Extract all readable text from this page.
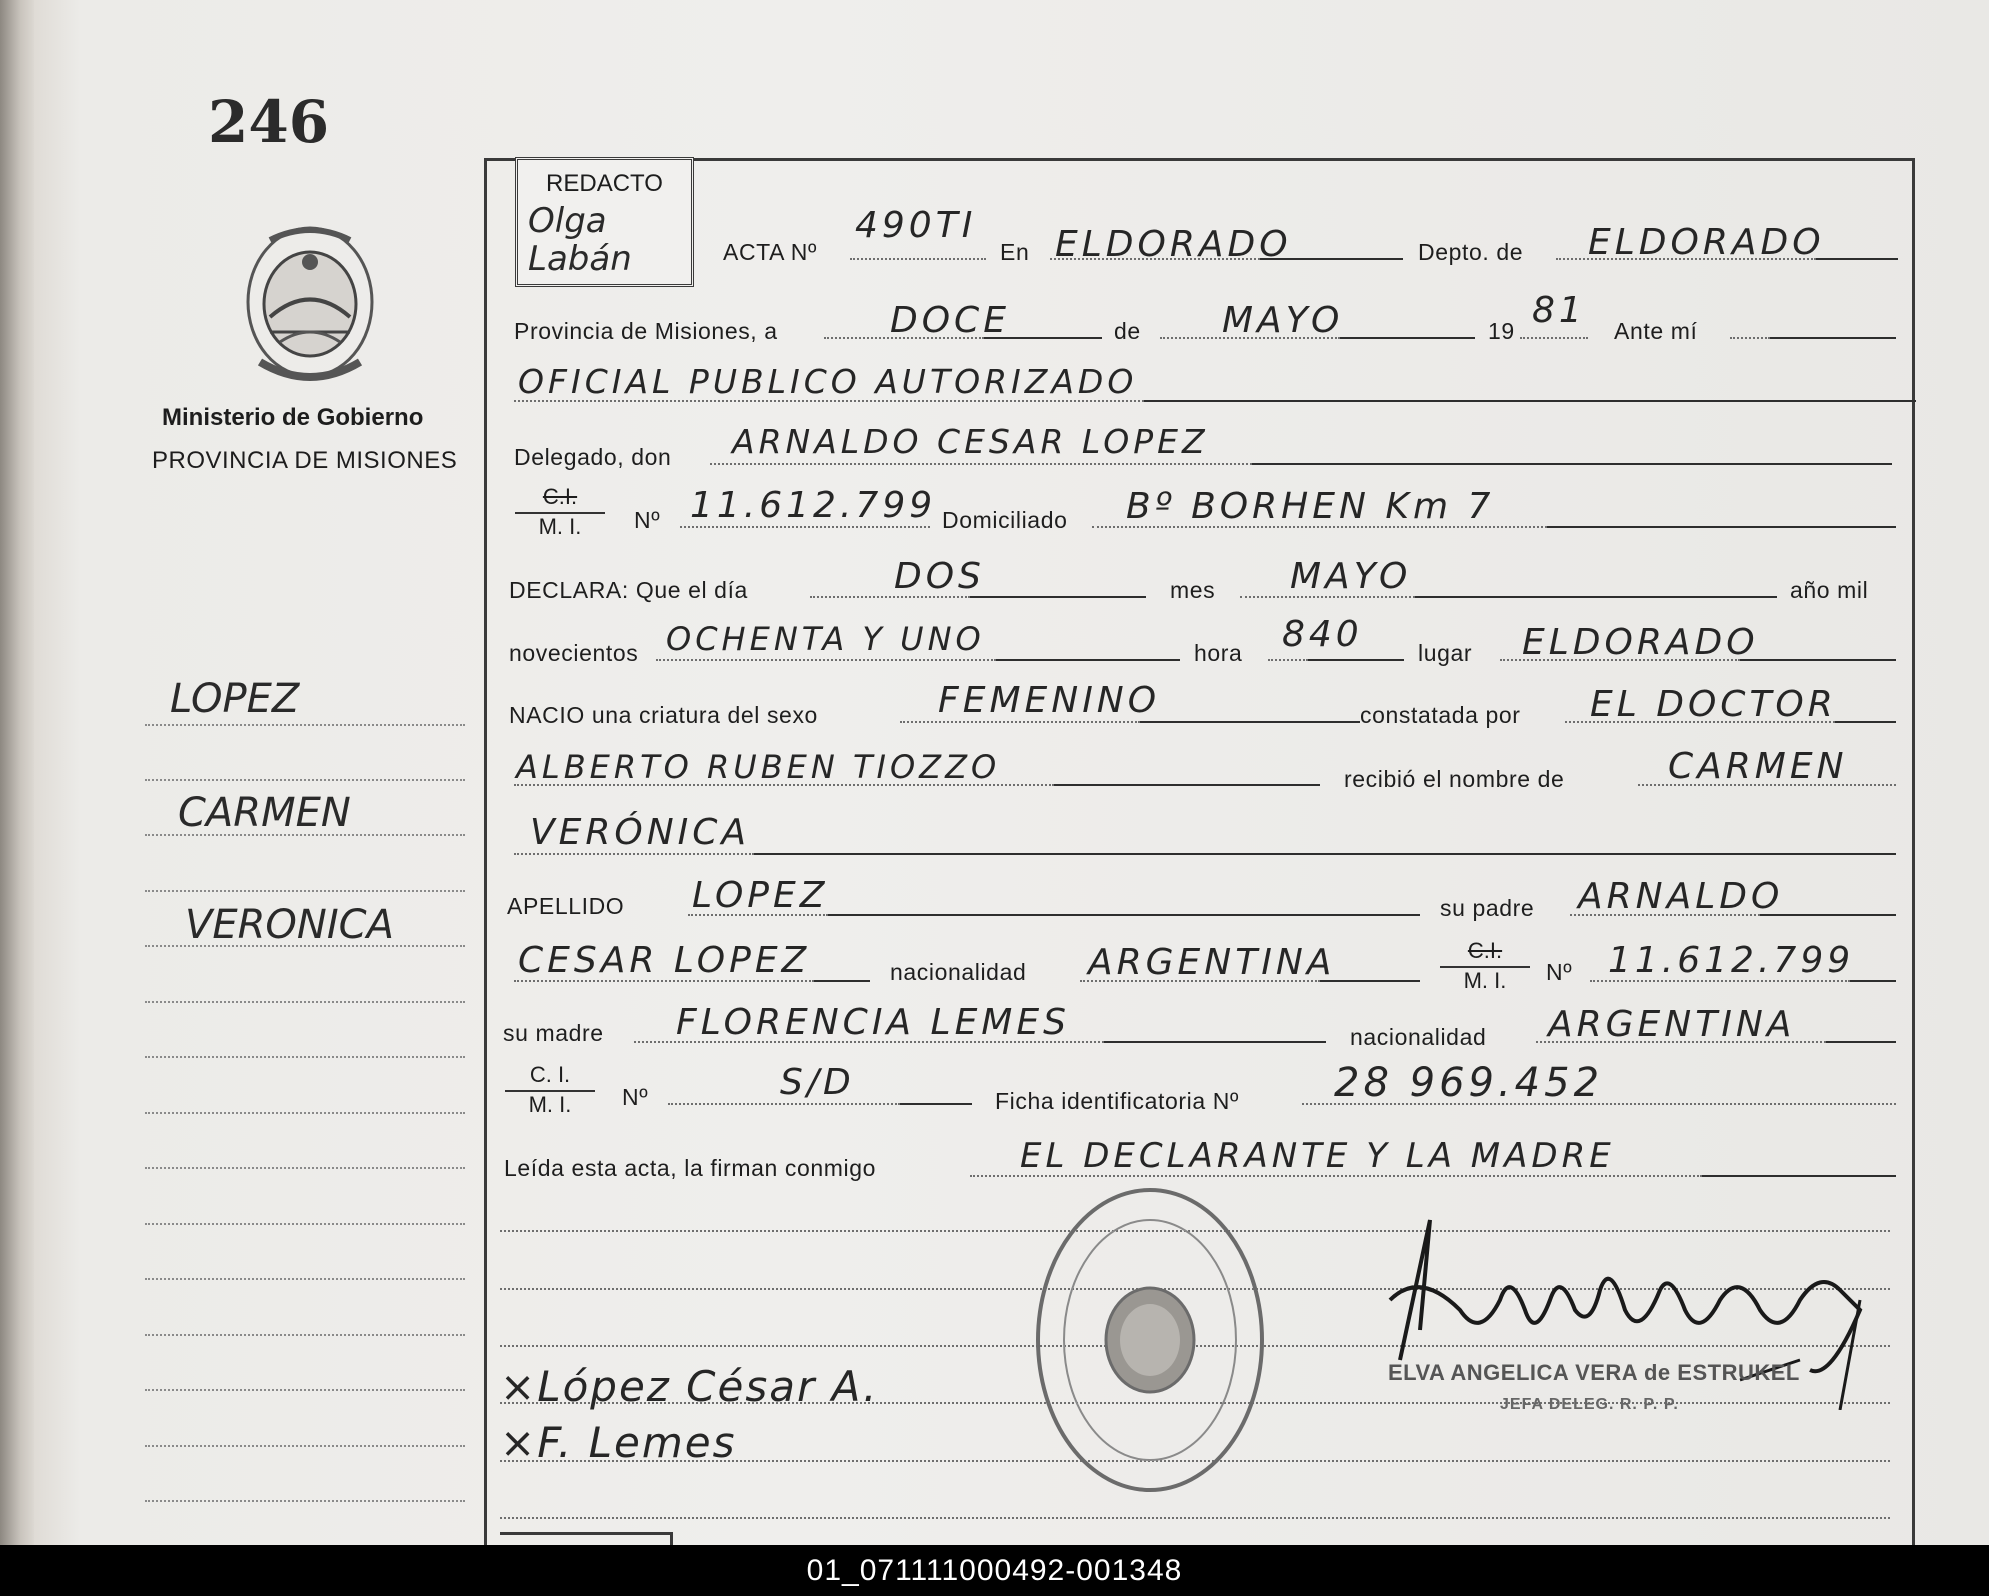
246
Ministerio de Gobierno
PROVINCIA DE MISIONES
LOPEZ
CARMEN
VERONICA
REDACTO
Olga
Labán	ACTA Nº
490TI
En ELDORADO	Depto. de ELDORADO
Provincia de Misiones, a	DOCE	de MAYO	19 81 Ante mí
OFICIAL PUBLICO AUTORIZADO
Delegado, don ARNALDO CESAR LOPEZ
$\frac{C.I.}{M. I.}$ Nº 11.612.799 Domiciliado Bº BORHEN Km 7
DECLARA: Que el día	DOS	mes MAYO	año mil
novecientos OCHENTA Y UNO	hora 840 lugar ELDORADO
NACIO una criatura del sexo	FEMENINO	constatada por EL DOCTOR
ALBERTO RUBEN TIOZZO	recibió el nombre de	CARMEN
VERÓNICA
APELLIDO LOPEZ	su padre ARNALDO
CESAR LOPEZ	nacionalidad ARGENTINA	$\frac{C.I.}{M. I.}$ Nº 11.612.799
su madre FLORENCIA LEMES	nacionalidad ARGENTINA
$\frac{C. I.}{M. I.}$ Nº	S/D	Ficha identificatoria Nº 28 969.452
Leída esta acta, la firman conmigo	EL DECLARANTE Y LA MADRE
×López César A.
×F. Lemes
ELVA ANGELICA VERA de ESTRUKEL
JEFA DELEG. R. P. P.
01_071111000492-001348
